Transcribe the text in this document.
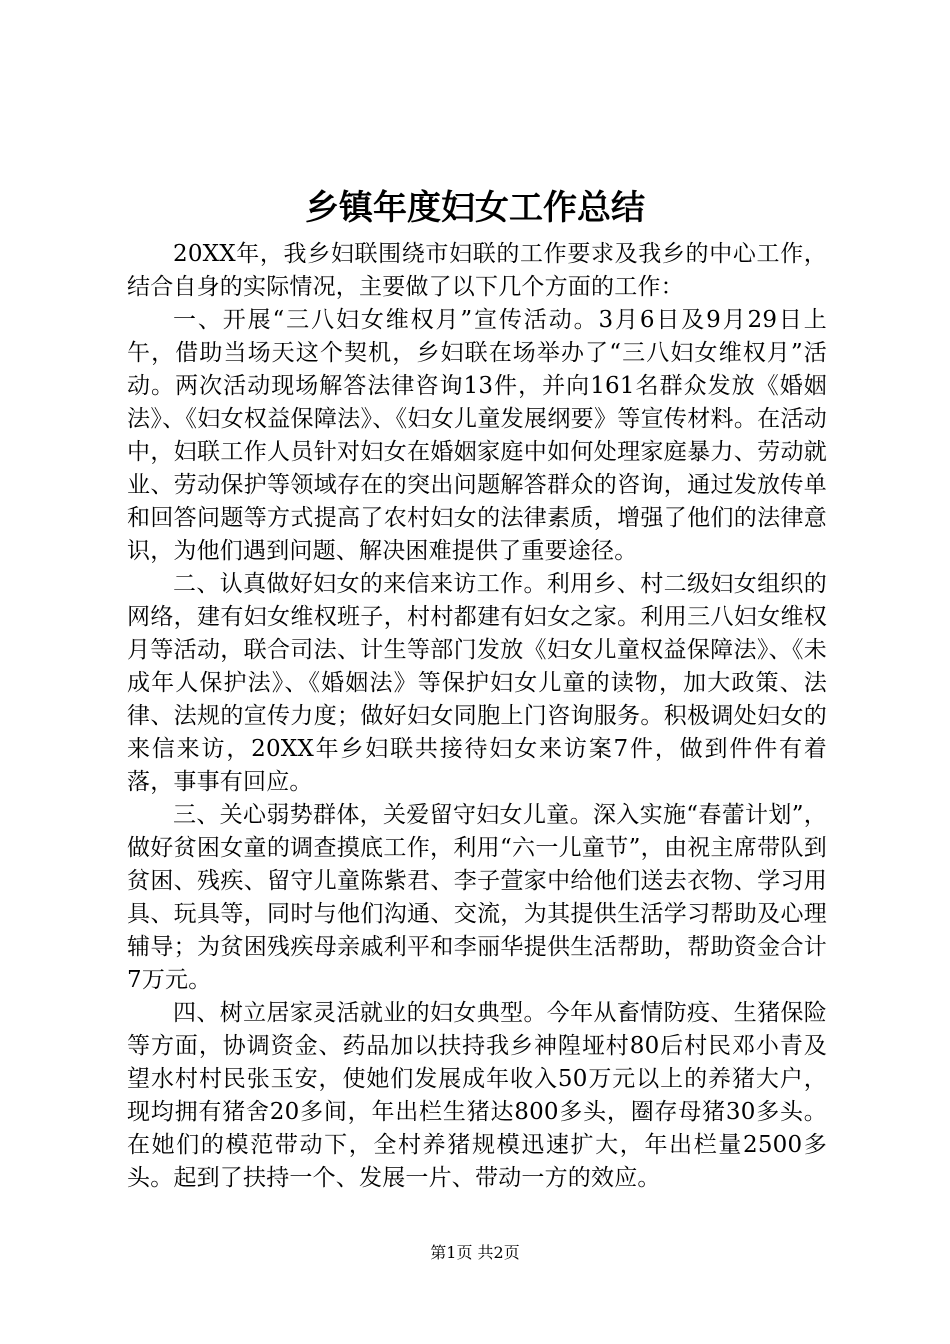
乡镇年度妇女工作总结

20XX年，我乡妇联围绕市妇联的工作要求及我乡的中心工作，结合自身的实际情况，主要做了以下几个方面的工作：

一、开展“三八妇女维权月”宣传活动。3月6日及9月29日上午，借助当场天这个契机，乡妇联在场举办了“三八妇女维权月”活动。两次活动现场解答法律咨询13件，并向161名群众发放《婚姻法》、《妇女权益保障法》、《妇女儿童发展纲要》等宣传材料。在活动中，妇联工作人员针对妇女在婚姻家庭中如何处理家庭暴力、劳动就业、劳动保护等领域存在的突出问题解答群众的咨询，通过发放传单和回答问题等方式提高了农村妇女的法律素质，增强了他们的法律意识，为他们遇到问题、解决困难提供了重要途径。

二、认真做好妇女的来信来访工作。利用乡、村二级妇女组织的网络，建有妇女维权班子，村村都建有妇女之家。利用三八妇女维权月等活动，联合司法、计生等部门发放《妇女儿童权益保障法》、《未成年人保护法》、《婚姻法》等保护妇女儿童的读物，加大政策、法律、法规的宣传力度；做好妇女同胞上门咨询服务。积极调处妇女的来信来访，20XX年乡妇联共接待妇女来访案7件，做到件件有着落，事事有回应。

三、关心弱势群体，关爱留守妇女儿童。深入实施“春蕾计划”，做好贫困女童的调查摸底工作，利用“六一儿童节”，由祝主席带队到贫困、残疾、留守儿童陈紫君、李子萱家中给他们送去衣物、学习用具、玩具等，同时与他们沟通、交流，为其提供生活学习帮助及心理辅导；为贫困残疾母亲戚利平和李丽华提供生活帮助，帮助资金合计7万元。

四、树立居家灵活就业的妇女典型。今年从畜情防疫、生猪保险等方面，协调资金、药品加以扶持我乡神隍垭村80后村民邓小青及望水村村民张玉安，使她们发展成年收入50万元以上的养猪大户，现均拥有猪舍20多间，年出栏生猪达800多头，圈存母猪30多头。在她们的模范带动下，全村养猪规模迅速扩大，年出栏量2500多头。起到了扶持一个、发展一片、带动一方的效应。

第1页 共2页
